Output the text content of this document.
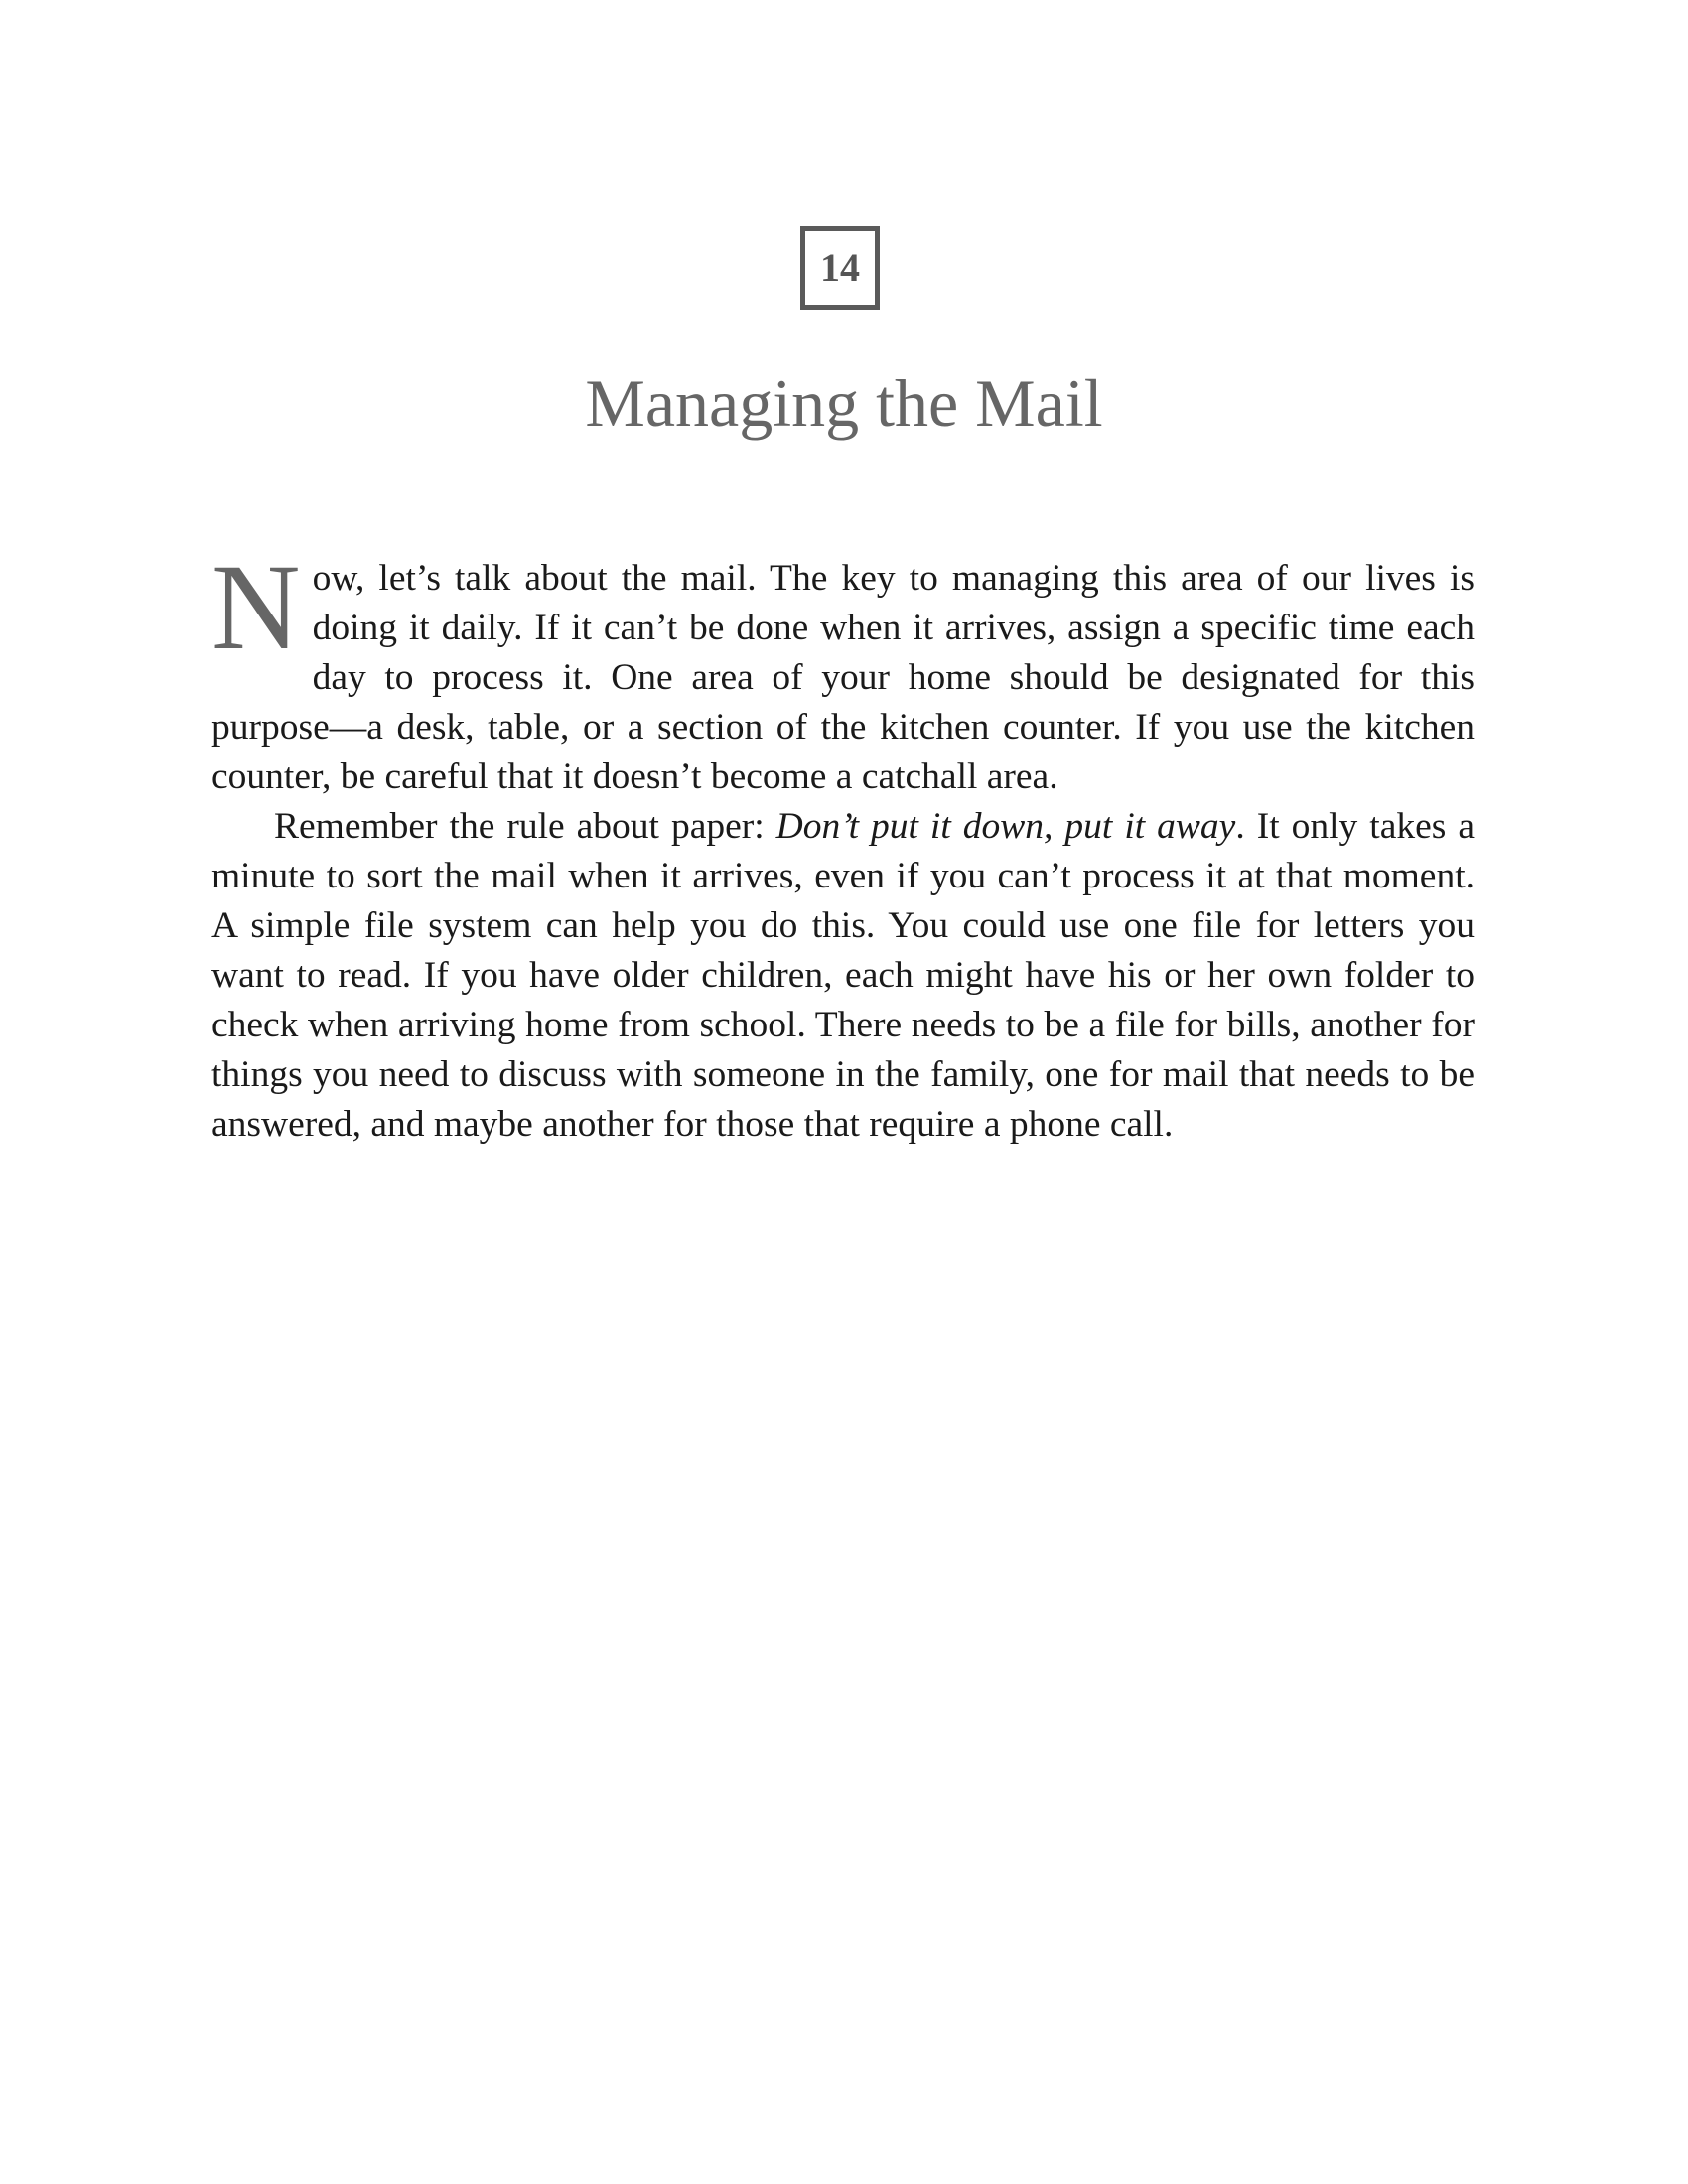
14
Managing the Mail

Now, let’s talk about the mail. The key to managing this area of our lives is doing it daily. If it can’t be done when it arrives, assign a specific time each day to process it. One area of your home should be designated for this purpose—a desk, table, or a section of the kitchen counter. If you use the kitchen counter, be careful that it doesn’t become a catchall area.

Remember the rule about paper: Don’t put it down, put it away. It only takes a minute to sort the mail when it arrives, even if you can’t process it at that moment. A simple file system can help you do this. You could use one file for letters you want to read. If you have older children, each might have his or her own folder to check when arriving home from school. There needs to be a file for bills, another for things you need to discuss with someone in the family, one for mail that needs to be answered, and maybe another for those that require a phone call.
